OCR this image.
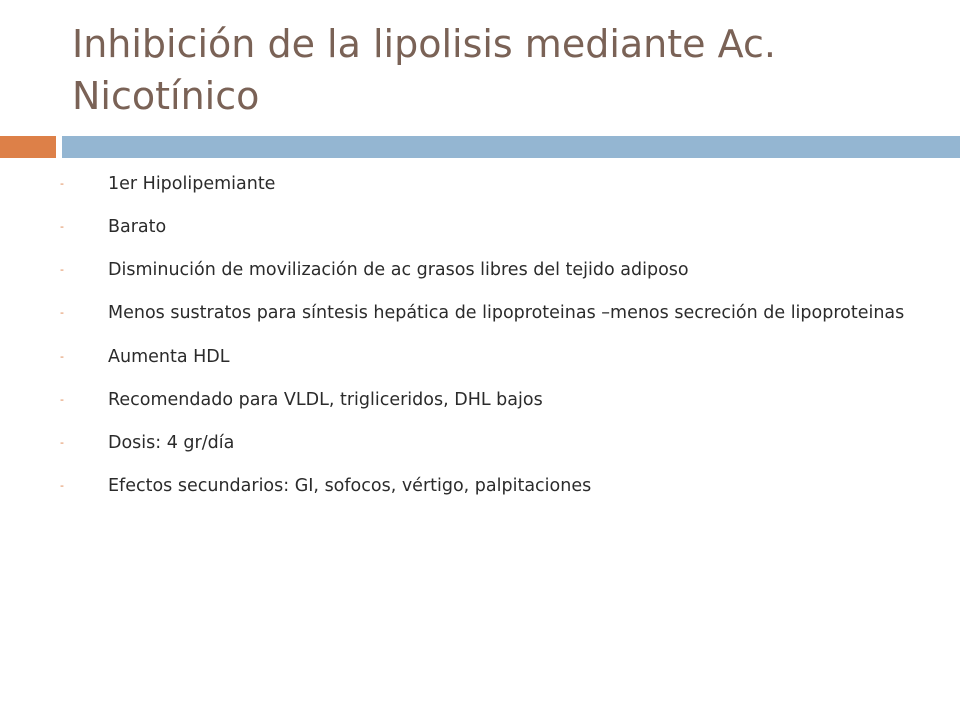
Inhibición de la lipolisis mediante Ac. Nicotínico
-	1er Hipolipemiante
-	Barato
-	Disminución de movilización de ac grasos libres del tejido adiposo
-	Menos sustratos para síntesis hepática de lipoproteinas –menos secreción de lipoproteinas
-	Aumenta HDL
-	Recomendado para VLDL, trigliceridos, DHL bajos
-	Dosis: 4 gr/día
-	Efectos secundarios: GI, sofocos, vértigo, palpitaciones
